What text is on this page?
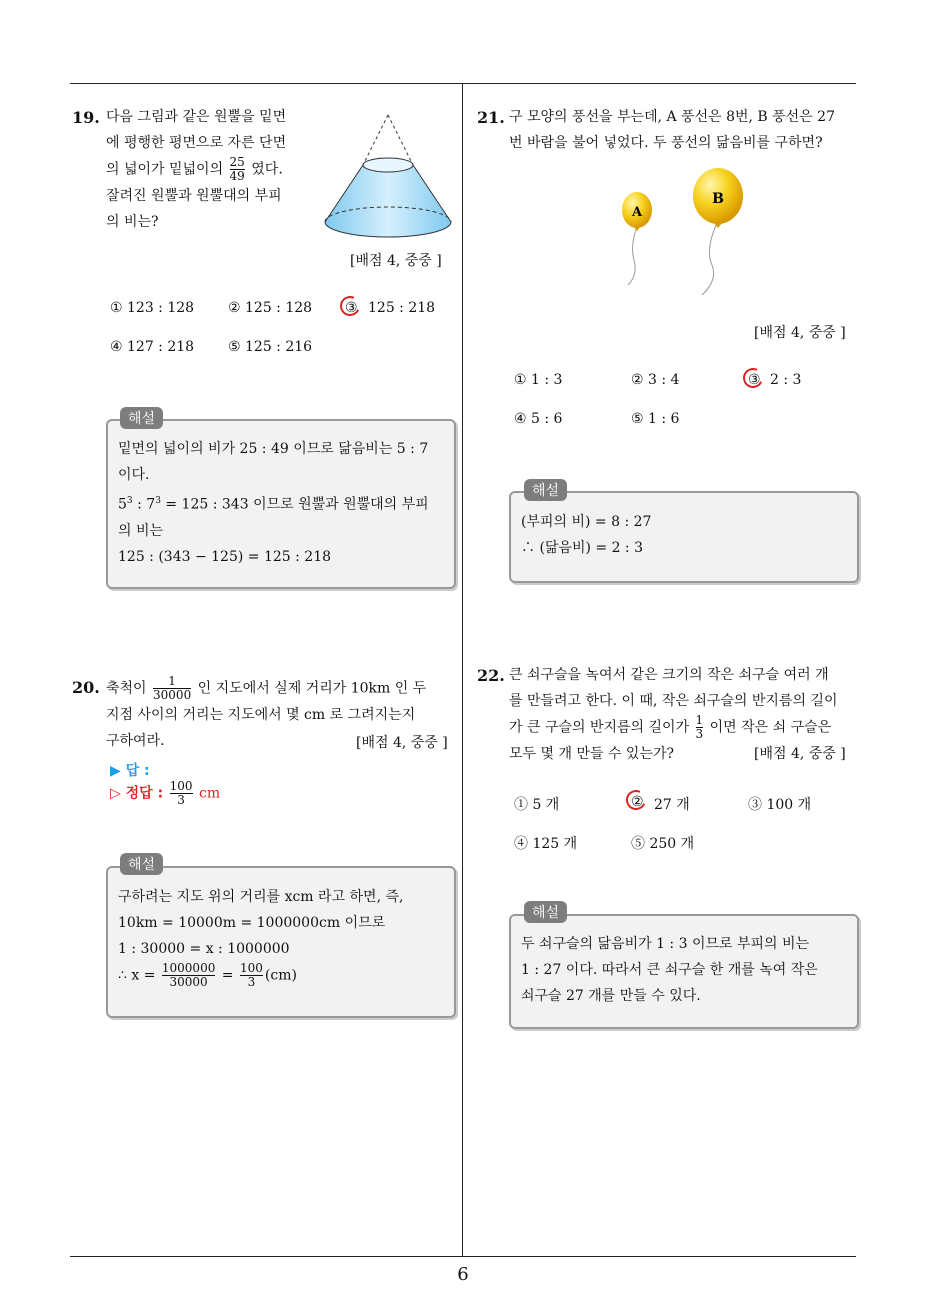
6
19. 다음 그림과 같은 원뿔을 밑면
에 평행한 평면으로 자른 단면
의 넓이가 밑넓이의 $\frac{25}{49}$ 였다.
잘려진 원뿔과 원뿔대의 부피
의 비는?
[배점 4, 중중 ]
① 123 : 128 ② 125 : 128 ③ 125 : 218
④ 127 : 218 ⑤ 125 : 216
해설
밑면의 넓이의 비가 25 : 49 이므로 닮음비는 5 : 7
이다.
$5^3$ : $7^3 = 125$ : 343 이므로 원뿔과 원뿔대의 부피
의 비는
125 : (343 − 125) = 125 : 218
20. 축척이 $\frac{1}{30000}$ 인 지도에서 실제 거리가 10km 인 두
지점 사이의 거리는 지도에서 몇 cm 로 그려지는지
구하여라.	[배점 4, 중중 ]
▶ 답 :
▷ 정답 : $\frac{100}{3}$ cm
해설
구하려는 지도 위의 거리를 xcm 라고 하면, 즉,
10km = 10000m = 1000000cm 이므로
1 : 30000 = x : 1000000
∴ $x = \frac{1000000}{30000} = \frac{100}{3} (cm)$
21. 구 모양의 풍선을 부는데, A 풍선은 8번, B 풍선은 27
번 바람을 불어 넣었다. 두 풍선의 닮음비를 구하면?
A
B
[배점 4, 중중 ]
① 1 : 3	② 3 : 4	③ 2 : 3
④ 5 : 6	⑤ 1 : 6
해설
(부피의 비) = 8 : 27
∴ (닮음비) = 2 : 3
22. 큰 쇠구슬을 녹여서 같은 크기의 작은 쇠구슬 여러 개
를 만들려고 한다. 이 때, 작은 쇠구슬의 반지름의 길이
가 큰 구슬의 반지름의 길이가 $\frac{1}{3}$ 이면 작은 쇠 구슬은
모두 몇 개 만들 수 있는가?	[배점 4, 중중 ]
① 5 개	② 27 개	③ 100 개
④ 125 개	⑤ 250 개
해설
두 쇠구슬의 닮음비가 1 : 3 이므로 부피의 비는
1 : 27 이다. 따라서 큰 쇠구슬 한 개를 녹여 작은
쇠구슬 27 개를 만들 수 있다.
